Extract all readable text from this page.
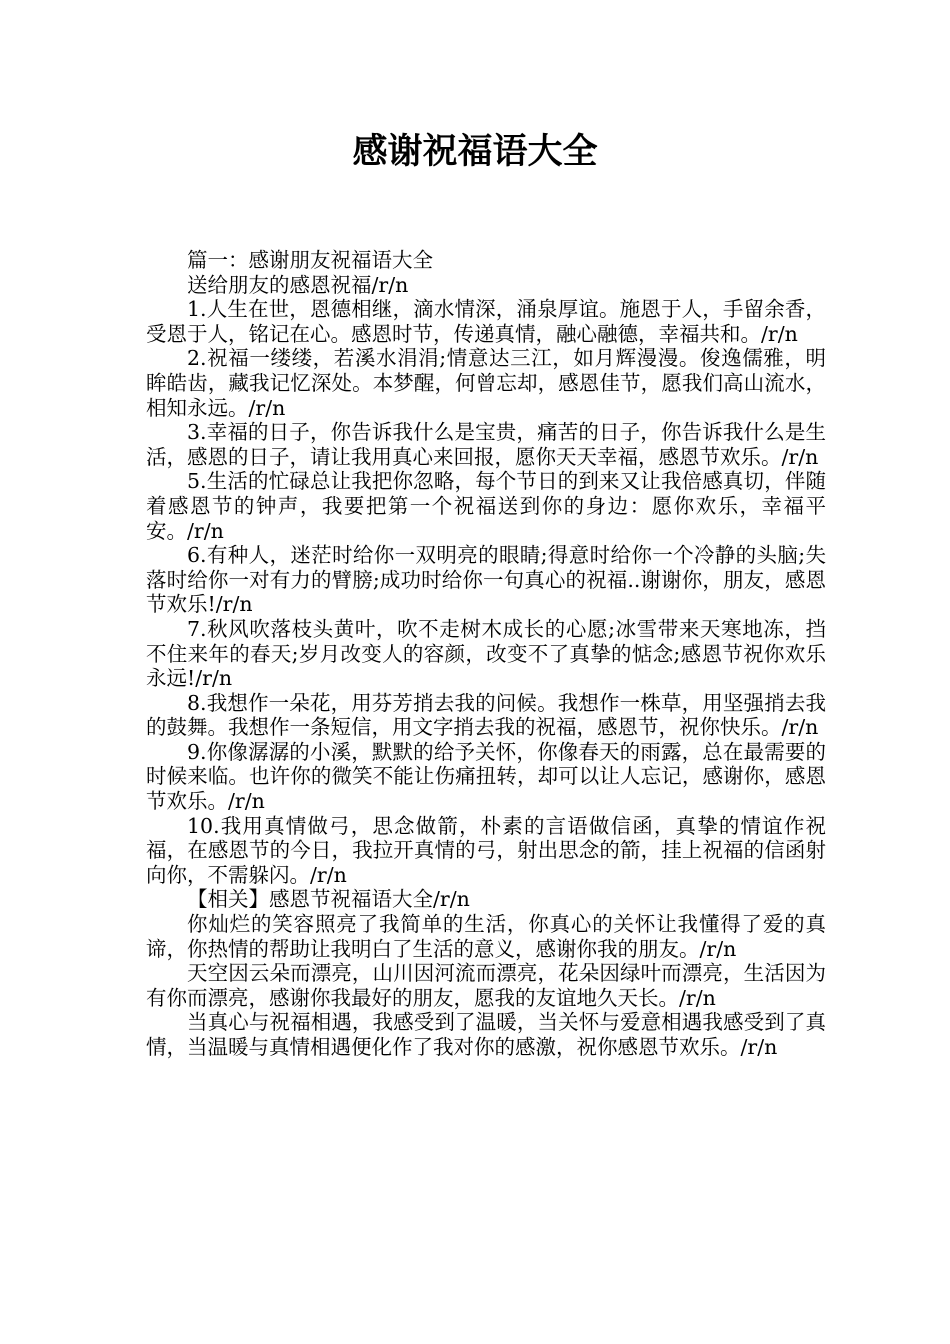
感谢祝福语大全

篇一：感谢朋友祝福语大全

送给朋友的感恩祝福/r/n

1.人生在世，恩德相继，滴水情深，涌泉厚谊。施恩于人，手留余香，受恩于人，铭记在心。感恩时节，传递真情，融心融德，幸福共和。/r/n

2.祝福一缕缕，若溪水涓涓;情意达三江，如月辉漫漫。俊逸儒雅，明眸皓齿，藏我记忆深处。本梦醒，何曾忘却，感恩佳节，愿我们高山流水，相知永远。/r/n

3.幸福的日子，你告诉我什么是宝贵，痛苦的日子，你告诉我什么是生活，感恩的日子，请让我用真心来回报，愿你天天幸福，感恩节欢乐。/r/n

5.生活的忙碌总让我把你忽略，每个节日的到来又让我倍感真切，伴随着感恩节的钟声，我要把第一个祝福送到你的身边：愿你欢乐，幸福平安。/r/n

6.有种人，迷茫时给你一双明亮的眼睛;得意时给你一个冷静的头脑;失落时给你一对有力的臂膀;成功时给你一句真心的祝福..谢谢你，朋友，感恩节欢乐!/r/n

7.秋风吹落枝头黄叶，吹不走树木成长的心愿;冰雪带来天寒地冻，挡不住来年的春天;岁月改变人的容颜，改变不了真挚的惦念;感恩节祝你欢乐永远!/r/n

8.我想作一朵花，用芬芳捎去我的问候。我想作一株草，用坚强捎去我的鼓舞。我想作一条短信，用文字捎去我的祝福，感恩节，祝你快乐。/r/n

9.你像潺潺的小溪，默默的给予关怀，你像春天的雨露，总在最需要的时候来临。也许你的微笑不能让伤痛扭转，却可以让人忘记，感谢你，感恩节欢乐。/r/n

10.我用真情做弓，思念做箭，朴素的言语做信函，真挚的情谊作祝福，在感恩节的今日，我拉开真情的弓，射出思念的箭，挂上祝福的信函射向你，不需躲闪。/r/n

【相关】感恩节祝福语大全/r/n

你灿烂的笑容照亮了我简单的生活，你真心的关怀让我懂得了爱的真谛，你热情的帮助让我明白了生活的意义，感谢你我的朋友。/r/n

天空因云朵而漂亮，山川因河流而漂亮，花朵因绿叶而漂亮，生活因为有你而漂亮，感谢你我最好的朋友，愿我的友谊地久天长。/r/n

当真心与祝福相遇，我感受到了温暖，当关怀与爱意相遇我感受到了真情，当温暖与真情相遇便化作了我对你的感激，祝你感恩节欢乐。/r/n
